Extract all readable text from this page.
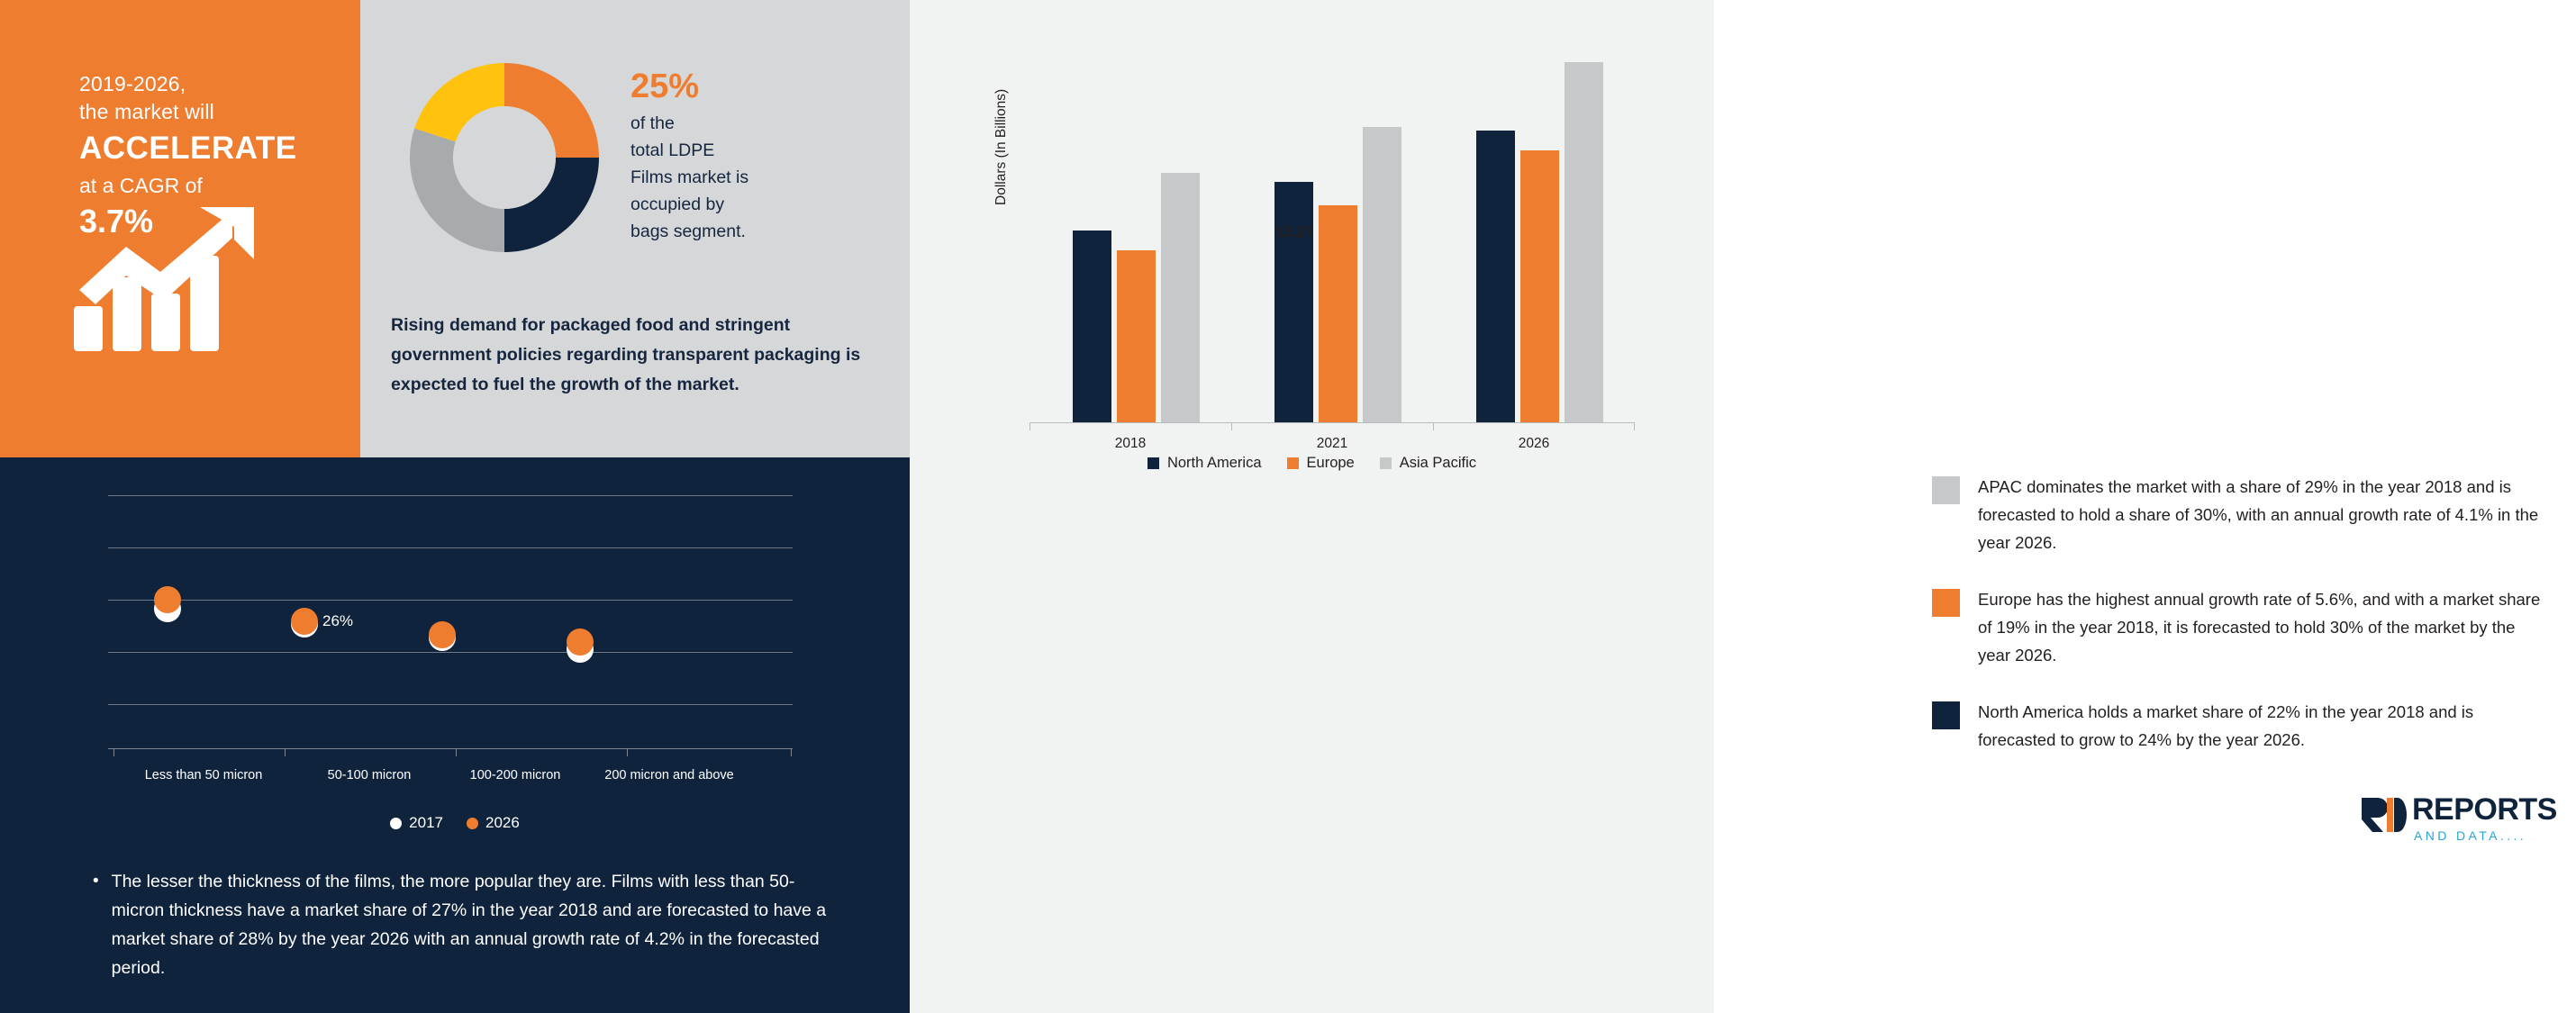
2019-2026,
the market will
ACCELERATE
at a CAGR of
3.7%
25%
of the
total LDPE
Films market is
occupied by
bags segment.
Rising demand for packaged food and stringent government policies regarding transparent packaging is expected to fuel the growth of the market.
26%
Less than 50 micron	50-100 micron	100-200 micron	200 micron and above
2017	2026
• The lesser the thickness of the films, the more popular they are. Films with less than 50-micron thickness have a market share of 27% in the year 2018 and are forecasted to have a market share of 28% by the year 2026 with an annual growth rate of 4.2% in the forecasted period.
Dollars (In Billions)
13.27
2018	2021	2026
North America	Europe	Asia Pacific
APAC dominates the market with a share of 29% in the year 2018 and is forecasted to hold a share of 30%, with an annual growth rate of 4.1% in the year 2026.
Europe has the highest annual growth rate of 5.6%, and with a market share of 19% in the year 2018, it is forecasted to hold 30% of the market by the year 2026.
North America holds a market share of 22% in the year 2018 and is forecasted to grow to 24% by the year 2026.
REPORTS
AND DATA....
